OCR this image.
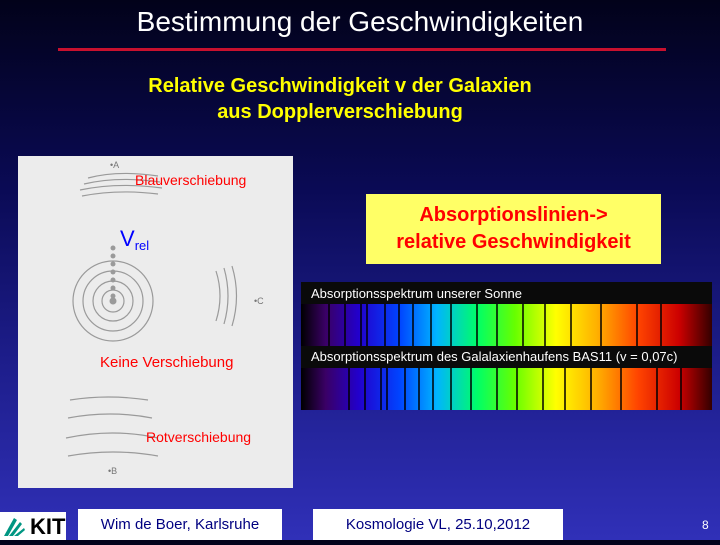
Bestimmung der Geschwindigkeiten
Relative Geschwindigkeit v der Galaxien
aus Dopplerverschiebung
•A
•C
•B
Blauverschiebung
$V_{rel}$
Keine Verschiebung
Rotverschiebung
Absorptionslinien->
relative Geschwindigkeit
Absorptionsspektrum unserer Sonne
Absorptionsspektrum des Galalaxienhaufens BAS11 (v = 0,07c)
KIT	Wim de Boer, Karlsruhe	Kosmologie VL, 25.10,2012	8
